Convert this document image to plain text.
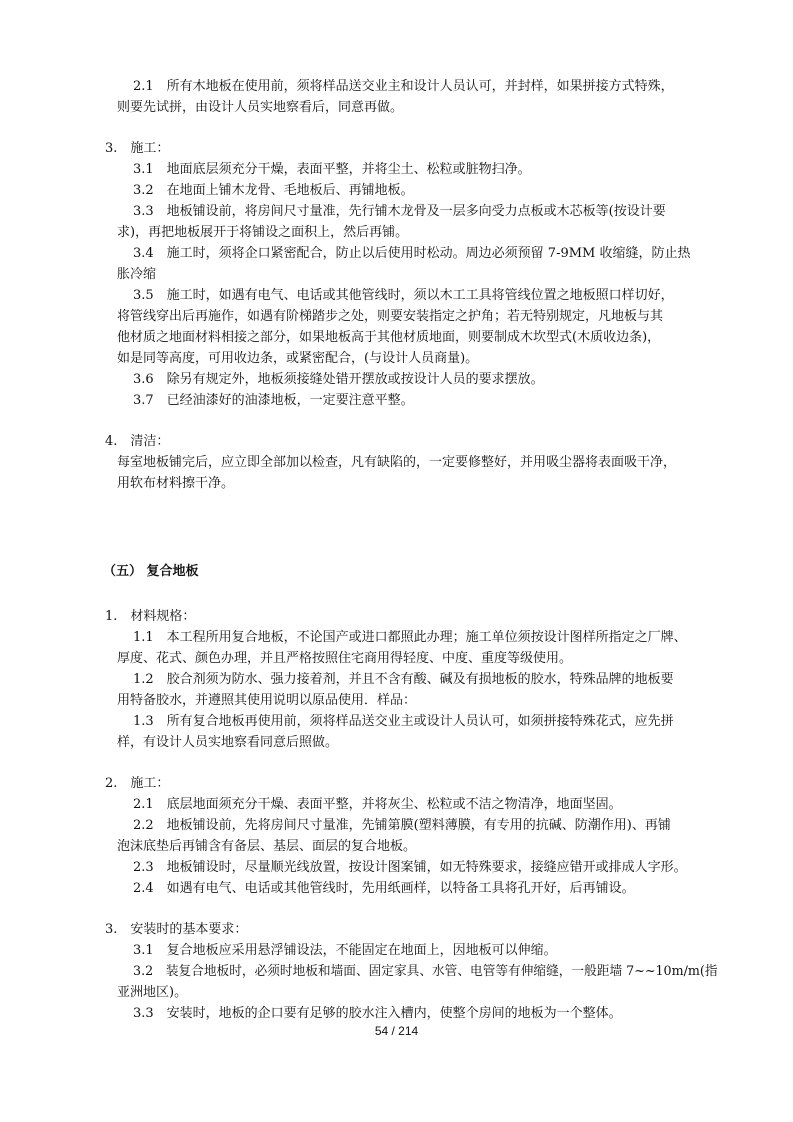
2.1　所有木地板在使用前，须将样品送交业主和设计人员认可，并封样，如果拼接方式特殊，
则要先试拼，由设计人员实地察看后，同意再做。
3.　施工：
3.1　地面底层须充分干燥，表面平整，并将尘土、松粒或脏物扫净。
3.2　在地面上铺木龙骨、毛地板后、再铺地板。
3.3　地板铺设前，将房间尺寸量准，先行铺木龙骨及一层多向受力点板或木芯板等(按设计要
求)，再把地板展开于将铺设之面积上，然后再铺。
3.4　施工时，须将企口紧密配合，防止以后使用时松动。周边必须预留 7-9MM 收缩缝，防止热
胀冷缩
3.5　施工时，如遇有电气、电话或其他管线时，须以木工工具将管线位置之地板照口样切好，
将管线穿出后再施作，如遇有阶梯踏步之处，则要安装指定之护角；若无特别规定，凡地板与其
他材质之地面材料相接之部分，如果地板高于其他材质地面，则要制成木坎型式(木质收边条)，
如是同等高度，可用收边条，或紧密配合，(与设计人员商量)。
3.6　除另有规定外，地板须接缝处错开摆放或按设计人员的要求摆放。
3.7　已经油漆好的油漆地板，一定要注意平整。
4.　清洁：
每室地板铺完后，应立即全部加以检查，凡有缺陷的，一定要修整好，并用吸尘器将表面吸干净，
用软布材料擦干净。
（五） 复合地板
1.　材料规格：
1.1　本工程所用复合地板，不论国产或进口都照此办理；施工单位须按设计图样所指定之厂牌、
厚度、花式、颜色办理，并且严格按照住宅商用得轻度、中度、重度等级使用。
1.2　胶合剂须为防水、强力接着剂，并且不含有酸、碱及有损地板的胶水，特殊品牌的地板要
用特备胶水，并遵照其使用说明以原品使用．样品：
1.3　所有复合地板再使用前，须将样品送交业主或设计人员认可，如须拼接特殊花式，应先拼
样，有设计人员实地察看同意后照做。
2.　施工：
2.1　底层地面须充分干燥、表面平整，并将灰尘、松粒或不洁之物清净，地面坚固。
2.2　地板铺设前，先将房间尺寸量准，先铺第膜(塑料薄膜，有专用的抗碱、防潮作用)、再铺
泡沫底垫后再铺含有备层、基层、面层的复合地板。
2.3　地板铺设时，尽量顺光线放置，按设计图案铺，如无特殊要求，接缝应错开或排成人字形。
2.4　如遇有电气、电话或其他管线时，先用纸画样，以特备工具将孔开好，后再铺设。
3.　安装时的基本要求：
3.1　复合地板应采用悬浮铺设法，不能固定在地面上，因地板可以伸缩。
3.2　装复合地板时，必须时地板和墙面、固定家具、水管、电管等有伸缩缝，一般距墙 7~~10m/m(指
亚洲地区)。
3.3　安装时，地板的企口要有足够的胶水注入槽内，使整个房间的地板为一个整体。
54 / 214
